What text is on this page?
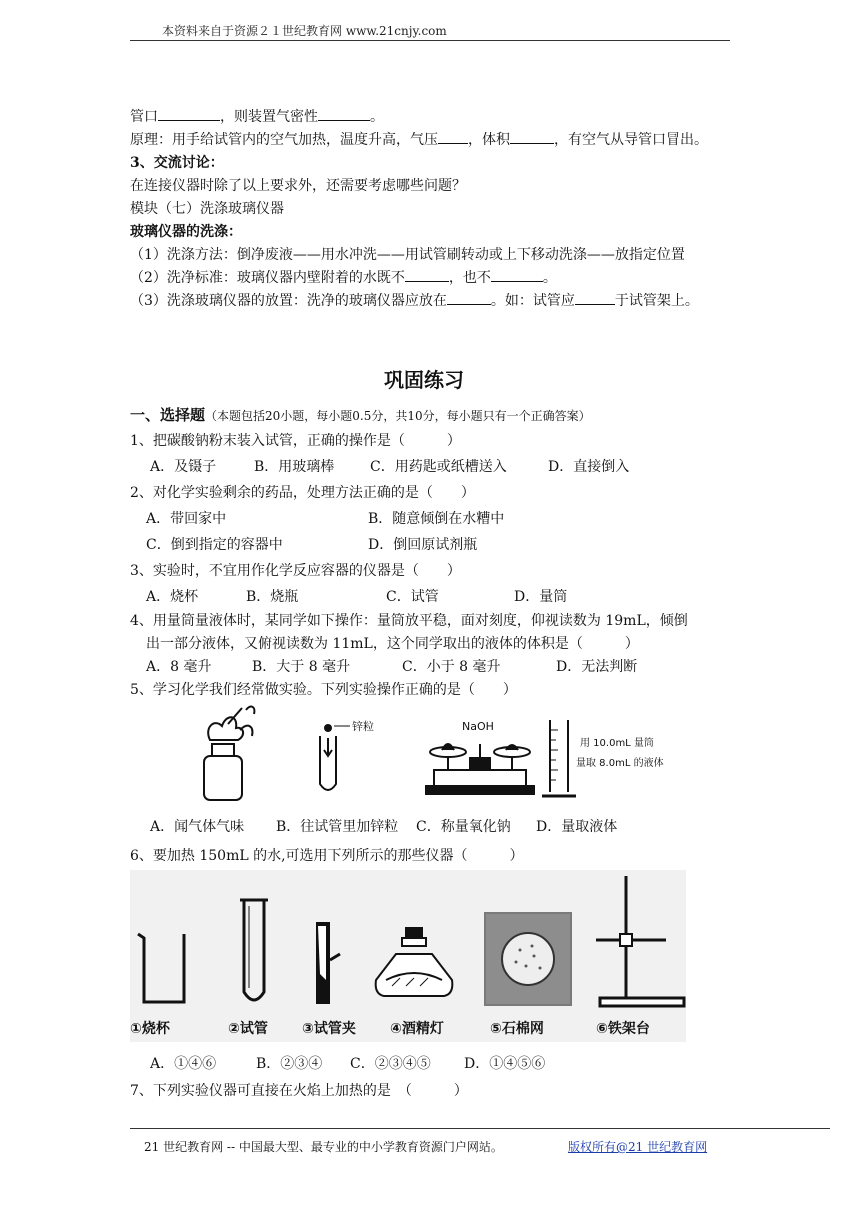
本资料来自于资源２１世纪教育网 www.21cnjy.com
管口	，则装置气密性	。
原理：用手给试管内的空气加热，温度升高，气压 ，体积	，有空气从导管口冒出。
3、交流讨论：
在连接仪器时除了以上要求外，还需要考虑哪些问题？
模块（七）洗涤玻璃仪器
玻璃仪器的洗涤：
（1）洗涤方法：倒净废液——用水冲洗——用试管刷转动或上下移动洗涤——放指定位置
（2）洗净标准：玻璃仪器内壁附着的水既不	，也不	。
（3）洗涤玻璃仪器的放置：洗净的玻璃仪器应放在	。如：试管应	于试管架上。
巩固练习
一、选择题（本题包括20小题，每小题0.5分，共10分，每小题只有一个正确答案）
1、把碳酸钠粉末装入试管，正确的操作是（　　　）
A．及镊子	B．用玻璃棒	C．用药匙或纸槽送入	D．直接倒入
2、对化学实验剩余的药品，处理方法正确的是（　　）
A．带回家中	B．随意倾倒在水糟中
C．倒到指定的容器中	D．倒回原试剂瓶
3、实验时，不宜用作化学反应容器的仪器是（　　）
A．烧杯	B．烧瓶	C．试管	D．量筒
4、用量筒量液体时，某同学如下操作：量筒放平稳，面对刻度，仰视读数为 19mL，倾倒
出一部分液体，又俯视读数为 11mL，这个同学取出的液体的体积是（　　　）
A．8 毫升	B．大于 8 毫升	C．小于 8 毫升	D．无法判断
5、学习化学我们经常做实验。下列实验操作正确的是（　　）
锌粒	NaOH
用 10.0mL 量筒
量取 8.0mL 的液体
A．闻气体气味 B．往试管里加锌粒 C．称量氧化钠 D．量取液体
6、要加热 150mL 的水,可选用下列所示的那些仪器（　　　）
①烧杯	②试管 ③试管夹 ④酒精灯	⑤石棉网	⑥铁架台
A．①④⑥	B．②③④ C．②③④⑤ D．①④⑤⑥
7、下列实验仪器可直接在火焰上加热的是　（　　　）
21 世纪教育网 -- 中国最大型、最专业的中小学教育资源门户网站。	版权所有@21 世纪教育网
